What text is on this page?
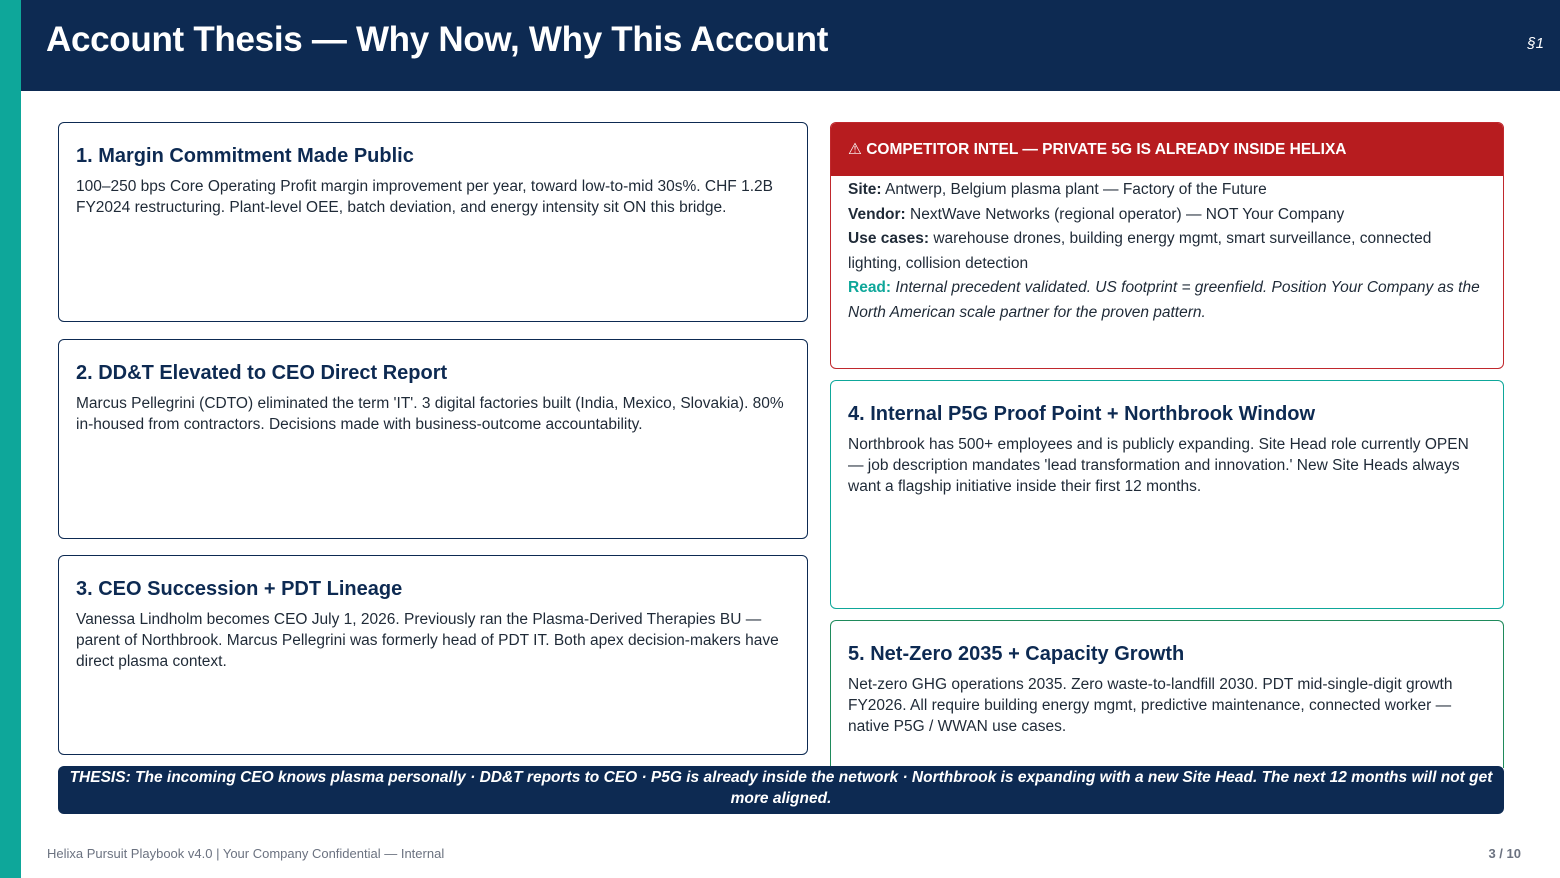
Account Thesis — Why Now, Why This Account	§1
1. Margin Commitment Made Public
100–250 bps Core Operating Profit margin improvement per year, toward low-to-mid 30s%. CHF 1.2B FY2024 restructuring. Plant-level OEE, batch deviation, and energy intensity sit ON this bridge.
2. DD&T Elevated to CEO Direct Report
Marcus Pellegrini (CDTO) eliminated the term 'IT'. 3 digital factories built (India, Mexico, Slovakia). 80% in-housed from contractors. Decisions made with business-outcome accountability.
3. CEO Succession + PDT Lineage
Vanessa Lindholm becomes CEO July 1, 2026. Previously ran the Plasma-Derived Therapies BU — parent of Northbrook. Marcus Pellegrini was formerly head of PDT IT. Both apex decision-makers have direct plasma context.
⚠ COMPETITOR INTEL — PRIVATE 5G IS ALREADY INSIDE HELIXA
Site: Antwerp, Belgium plasma plant — Factory of the Future
Vendor: NextWave Networks (regional operator) — NOT Your Company
Use cases: warehouse drones, building energy mgmt, smart surveillance, connected lighting, collision detection
Read: Internal precedent validated. US footprint = greenfield. Position Your Company as the North American scale partner for the proven pattern.
4. Internal P5G Proof Point + Northbrook Window
Northbrook has 500+ employees and is publicly expanding. Site Head role currently OPEN — job description mandates 'lead transformation and innovation.' New Site Heads always want a flagship initiative inside their first 12 months.
5. Net-Zero 2035 + Capacity Growth
Net-zero GHG operations 2035. Zero waste-to-landfill 2030. PDT mid-single-digit growth FY2026. All require building energy mgmt, predictive maintenance, connected worker — native P5G / WWAN use cases.
THESIS: The incoming CEO knows plasma personally · DD&T reports to CEO · P5G is already inside the network · Northbrook is expanding with a new Site Head. The next 12 months will not get more aligned.
Helixa Pursuit Playbook v4.0 | Your Company Confidential — Internal	3 / 10
